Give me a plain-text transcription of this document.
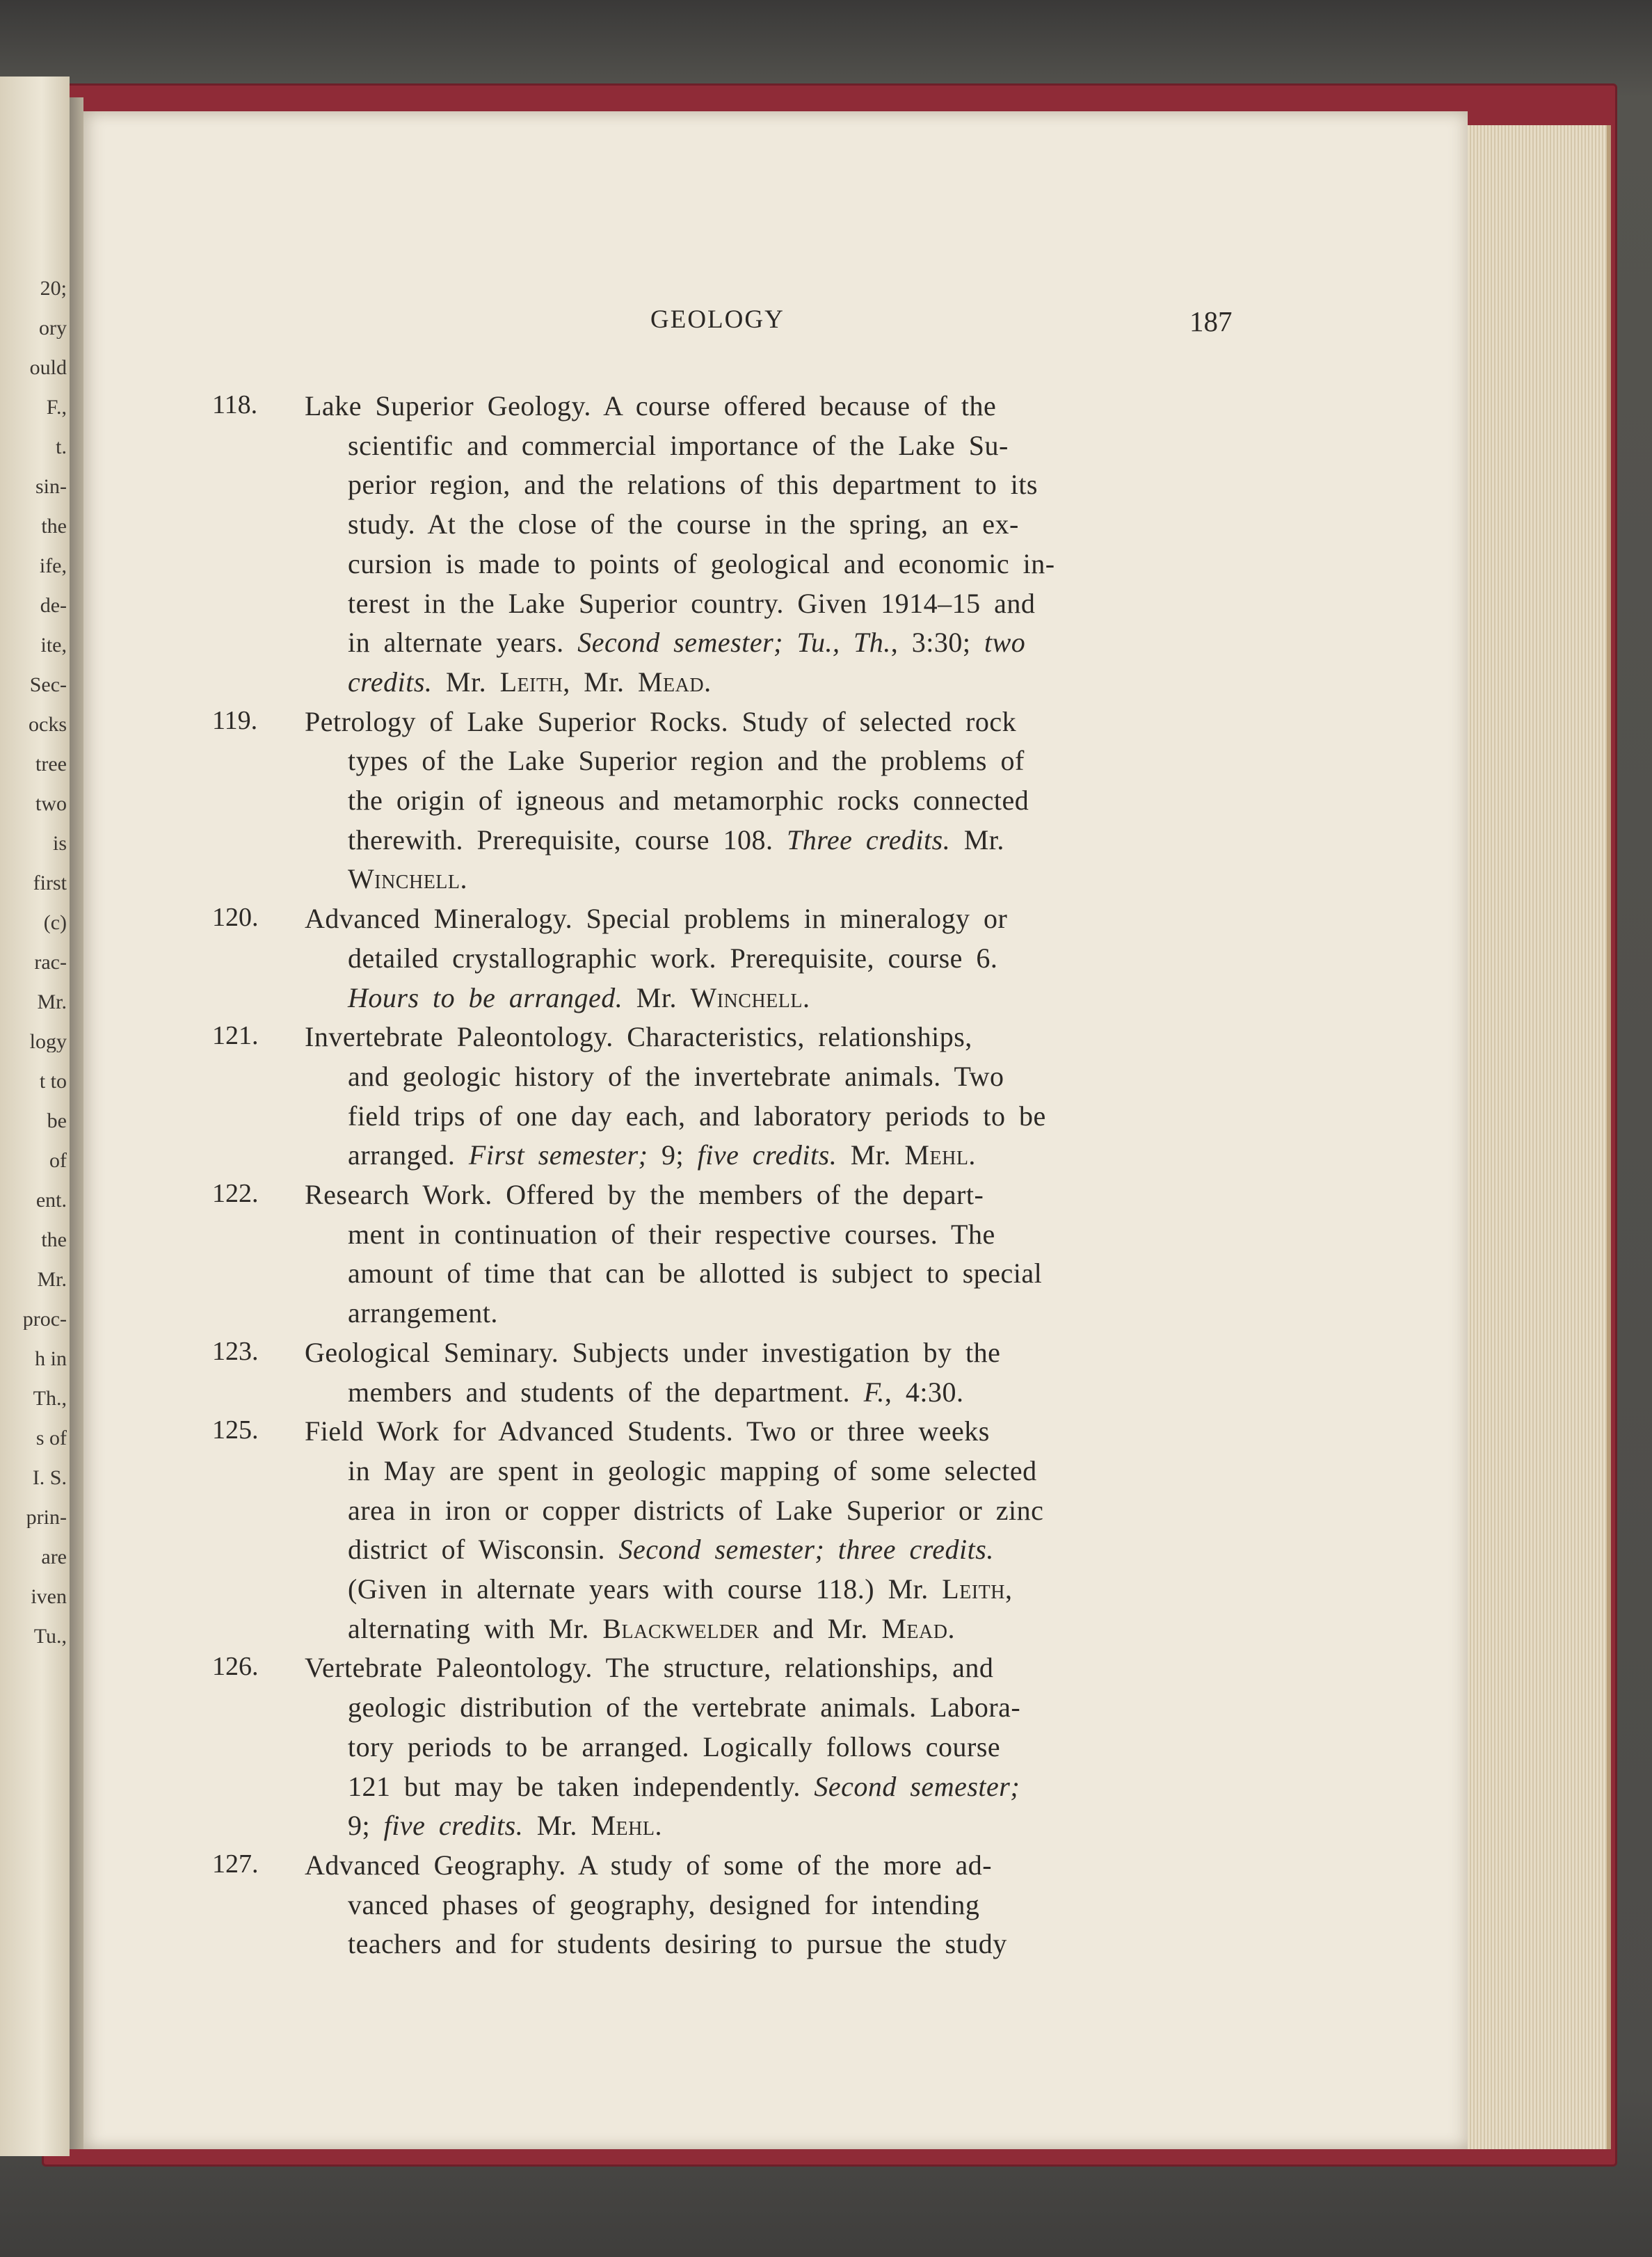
GEOLOGY	187
118. Lake Superior Geology. A course offered because of the
scientific and commercial importance of the Lake Su-
perior region, and the relations of this department to its
study. At the close of the course in the spring, an ex-
cursion is made to points of geological and economic in-
terest in the Lake Superior country. Given 1914–15 and
in alternate years. Second semester; Tu., Th., 3:30; two
credits. Mr. Leith, Mr. Mead.
119. Petrology of Lake Superior Rocks. Study of selected rock
types of the Lake Superior region and the problems of
the origin of igneous and metamorphic rocks connected
therewith. Prerequisite, course 108. Three credits. Mr.
Winchell.
120. Advanced Mineralogy. Special problems in mineralogy or
detailed crystallographic work. Prerequisite, course 6.
Hours to be arranged. Mr. Winchell.
121. Invertebrate Paleontology. Characteristics, relationships,
and geologic history of the invertebrate animals. Two
field trips of one day each, and laboratory periods to be
arranged. First semester; 9; five credits. Mr. Mehl.
122. Research Work. Offered by the members of the depart-
ment in continuation of their respective courses. The
amount of time that can be allotted is subject to special
arrangement.
123. Geological Seminary. Subjects under investigation by the
members and students of the department. F., 4:30.
125. Field Work for Advanced Students. Two or three weeks
in May are spent in geologic mapping of some selected
area in iron or copper districts of Lake Superior or zinc
district of Wisconsin. Second semester; three credits.
(Given in alternate years with course 118.) Mr. Leith,
alternating with Mr. Blackwelder and Mr. Mead.
126. Vertebrate Paleontology. The structure, relationships, and
geologic distribution of the vertebrate animals. Labora-
tory periods to be arranged. Logically follows course
121 but may be taken independently. Second semester;
9; five credits. Mr. Mehl.
127. Advanced Geography. A study of some of the more ad-
vanced phases of geography, designed for intending
teachers and for students desiring to pursue the study
20;
ory
ould
F.,
t.
sin-
the
ife,
de-
ite,
Sec-
ocks
tree
two
is
first
(c)
rac-
Mr.
logy
t to
be
of
ent.
the
Mr.
proc-
h in
Th.,
s of
I. S.
prin-
are
iven
Tu.,
